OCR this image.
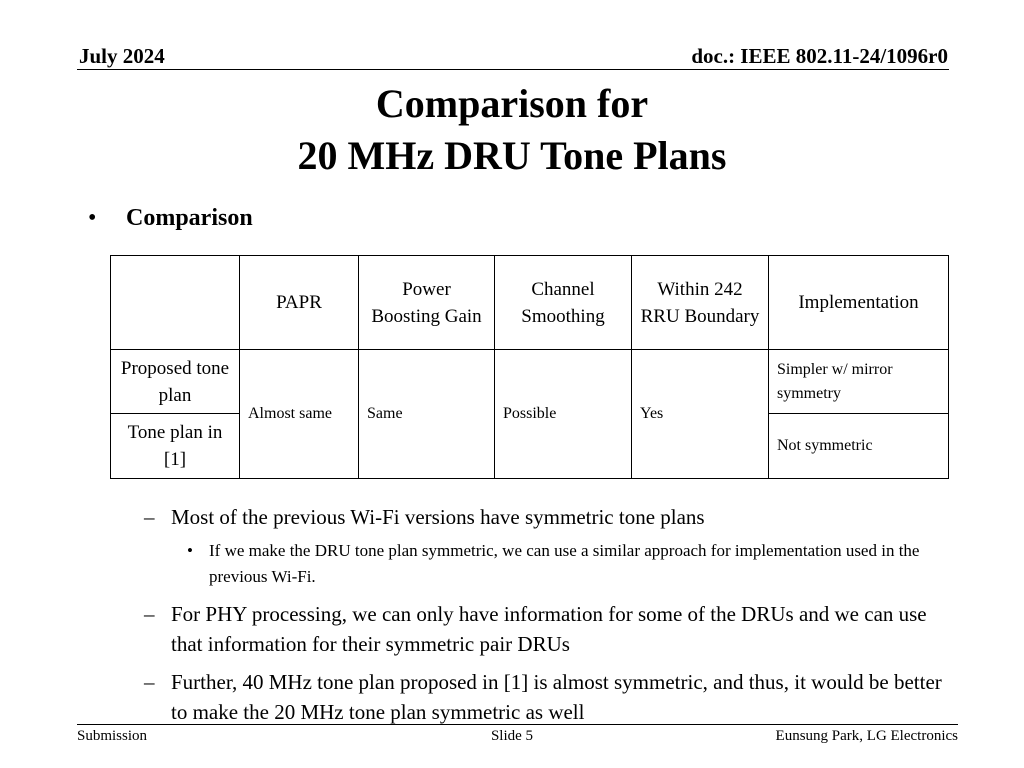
July 2024	doc.: IEEE 802.11-24/1096r0
Comparison for
20 MHz DRU Tone Plans
• Comparison
	PAPR	Power Boosting Gain	Channel Smoothing	Within 242 RRU Boundary	Implementation
Proposed tone plan	Almost same	Same	Possible	Yes	Simpler w/ mirror symmetry
Tone plan in [1]					Not symmetric
– Most of the previous Wi-Fi versions have symmetric tone plans
• If we make the DRU tone plan symmetric, we can use a similar approach for implementation used in the previous Wi-Fi.
– For PHY processing, we can only have information for some of the DRUs and we can use that information for their symmetric pair DRUs
– Further, 40 MHz tone plan proposed in [1] is almost symmetric, and thus, it would be better to make the 20 MHz tone plan symmetric as well
Submission	Slide 5	Eunsung Park, LG Electronics
